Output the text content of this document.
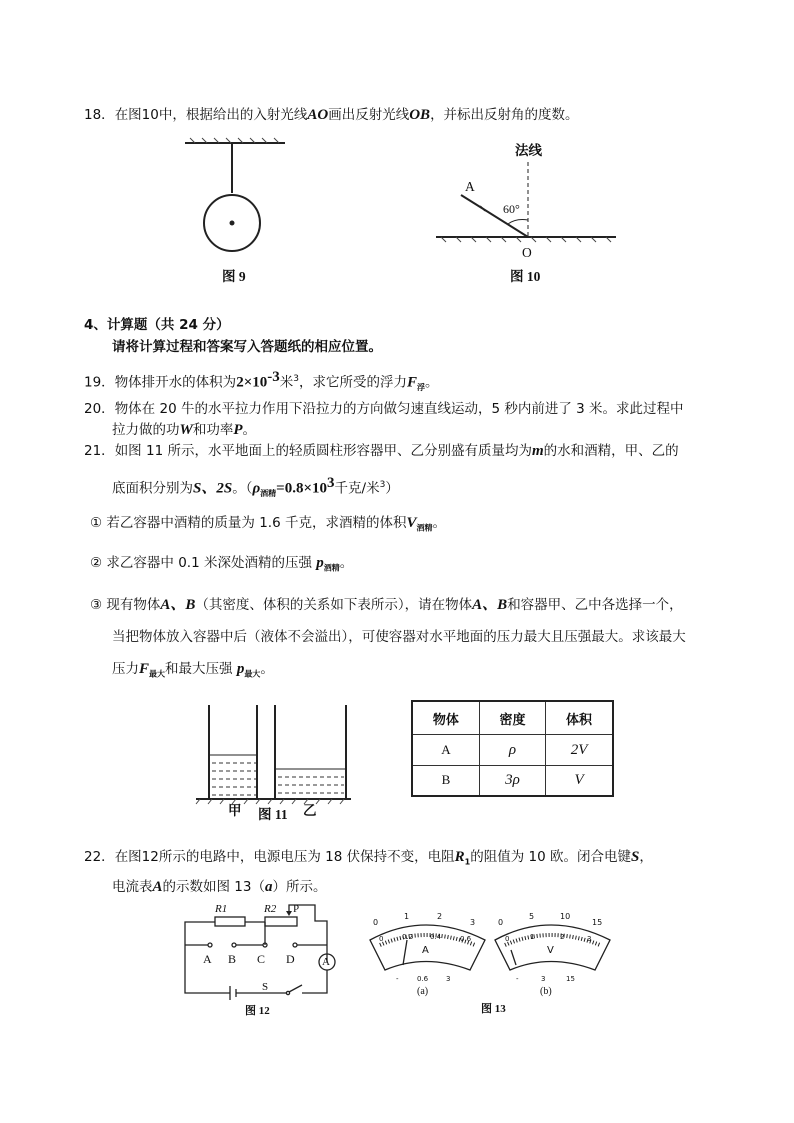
18．在图10中，根据给出的入射光线AO画出反射光线OB，并标出反射角的度数。
图 9
法线
A
60°
O
图 10
4、计算题（共 24 分）
请将计算过程和答案写入答题纸的相应位置。
19．物体排开水的体积为$2\times 10^{-3}$米$^3$，求它所受的浮力$F_浮$。
20．物体在 20 牛的水平拉力作用下沿拉力的方向做匀速直线运动，5 秒内前进了 3 米。求此过程中
拉力做的功W和功率P。
21．如图 11 所示，水平地面上的轻质圆柱形容器甲、乙分别盛有质量均为m的水和酒精，甲、乙的
底面积分别为S、2S。（$\rho_{酒精}=0.8\times 10^3$千克/米$^3$）
① 若乙容器中酒精的质量为 1.6 千克，求酒精的体积$V_{酒精}$。
② 求乙容器中 0.1 米深处酒精的压强 $p_{酒精}$。
③ 现有物体A、B（其密度、体积的关系如下表所示），请在物体A、B和容器甲、乙中各选择一个，
当把物体放入容器中后（液体不会溢出），可使容器对水平地面的压力最大且压强最大。求该最大
压力$F_{最大}$和最大压强 $p_{最大}$。
甲 图 11 乙
物体	密度	体积
A	ρ	2V
B	3ρ	V
22．在图12所示的电路中，电源电压为 18 伏保持不变，电阻$R_1$的阻值为 10 欧。闭合电键S，
电流表A的示数如图 13（a）所示。
R1	R2 P
A B C D A
S
图 12
0
1	2
3
0	0.2 0.4	0.6
A
0
5	10
15
0	1	2	3
V
-	0.6	3	-	3	15
(a)	(b)
图 13
